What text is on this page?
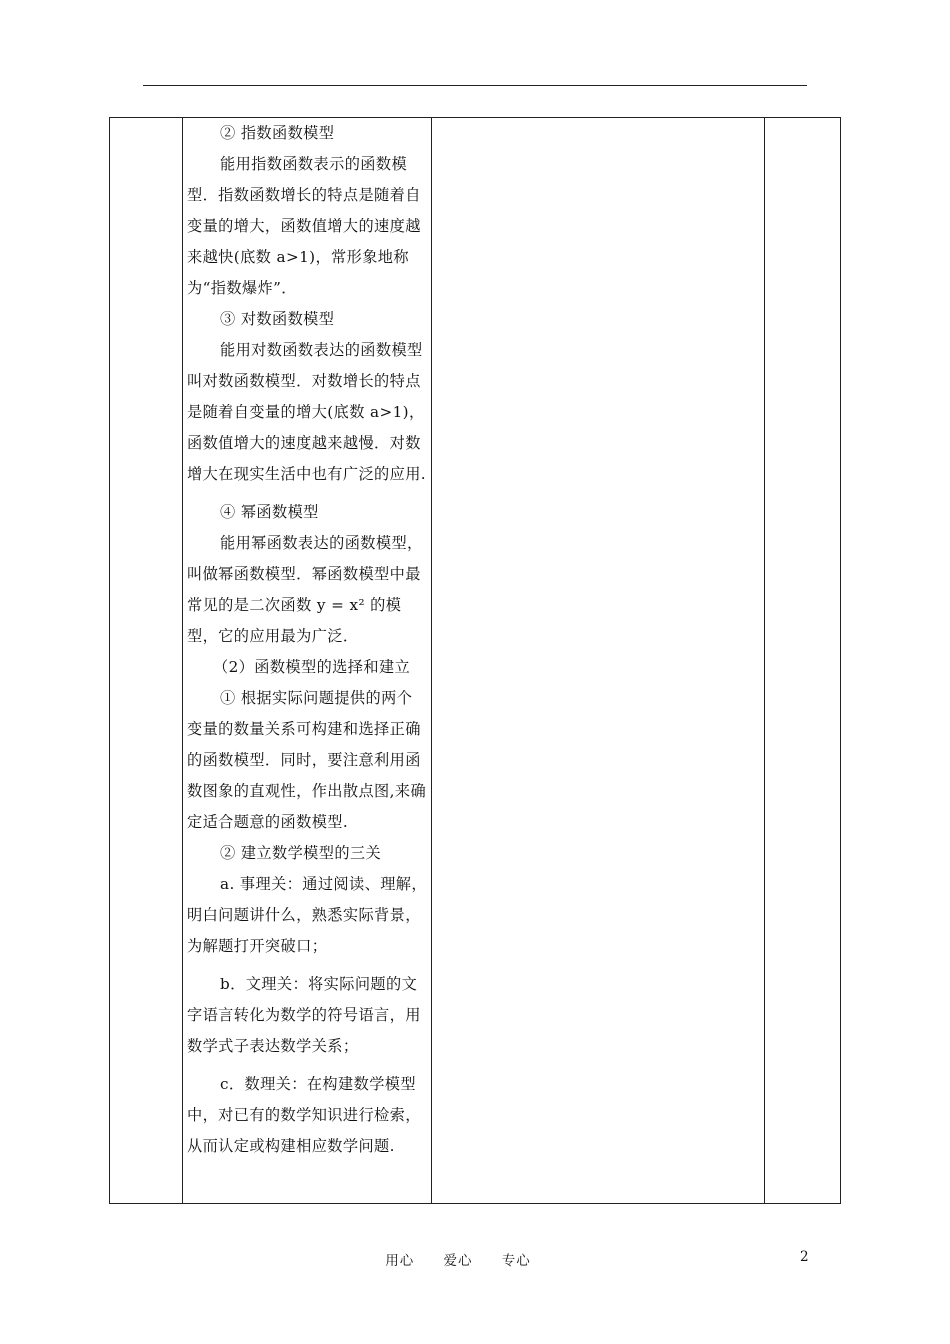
② 指数函数模型

能用指数函数表示的函数模型．指数函数增长的特点是随着自变量的增大，函数值增大的速度越来越快(底数 a>1)，常形象地称为“指数爆炸”．

③ 对数函数模型

能用对数函数表达的函数模型叫对数函数模型．对数增长的特点是随着自变量的增大(底数 a>1)，函数值增大的速度越来越慢．对数增大在现实生活中也有广泛的应用.

④ 幂函数模型

能用幂函数表达的函数模型，叫做幂函数模型．幂函数模型中最常见的是二次函数 y = x² 的模型，它的应用最为广泛．

（2）函数模型的选择和建立

① 根据实际问题提供的两个变量的数量关系可构建和选择正确的函数模型．同时，要注意利用函数图象的直观性，作出散点图,来确定适合题意的函数模型.

② 建立数学模型的三关

a. 事理关：通过阅读、理解，明白问题讲什么，熟悉实际背景，为解题打开突破口；

b．文理关：将实际问题的文字语言转化为数学的符号语言，用数学式子表达数学关系；

c．数理关：在构建数学模型中，对已有的数学知识进行检索，从而认定或构建相应数学问题.

用心 爱心 专心	2
